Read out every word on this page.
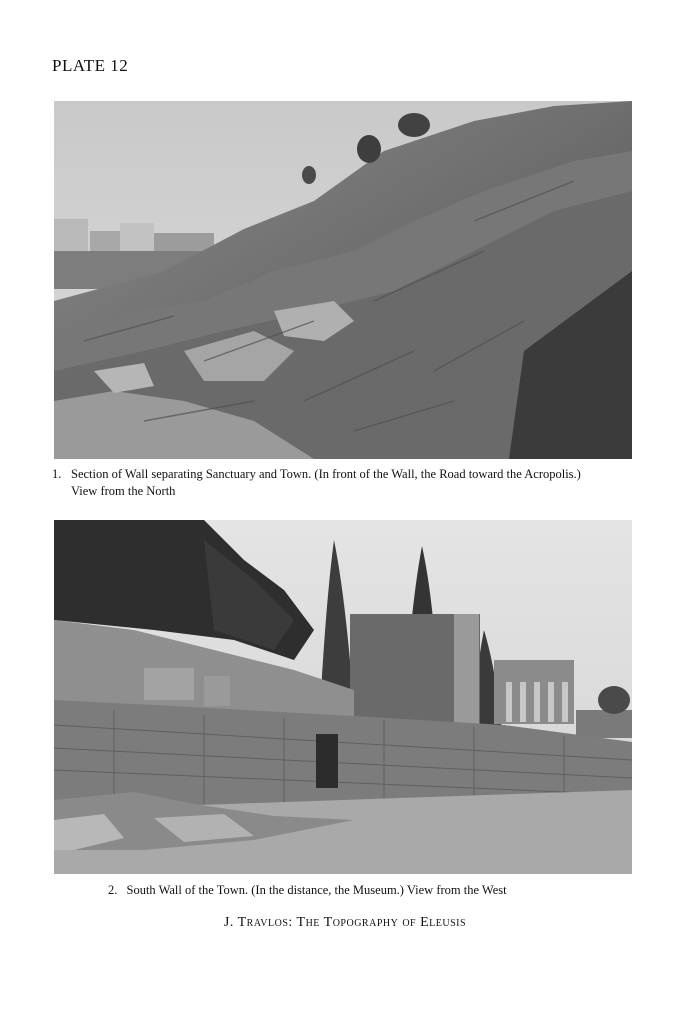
PLATE 12
1. Section of Wall separating Sanctuary and Town. (In front of the Wall, the Road toward the Acropolis.)
View from the North
2. South Wall of the Town. (In the distance, the Museum.) View from the West
J. Travlos: The Topography of Eleusis
